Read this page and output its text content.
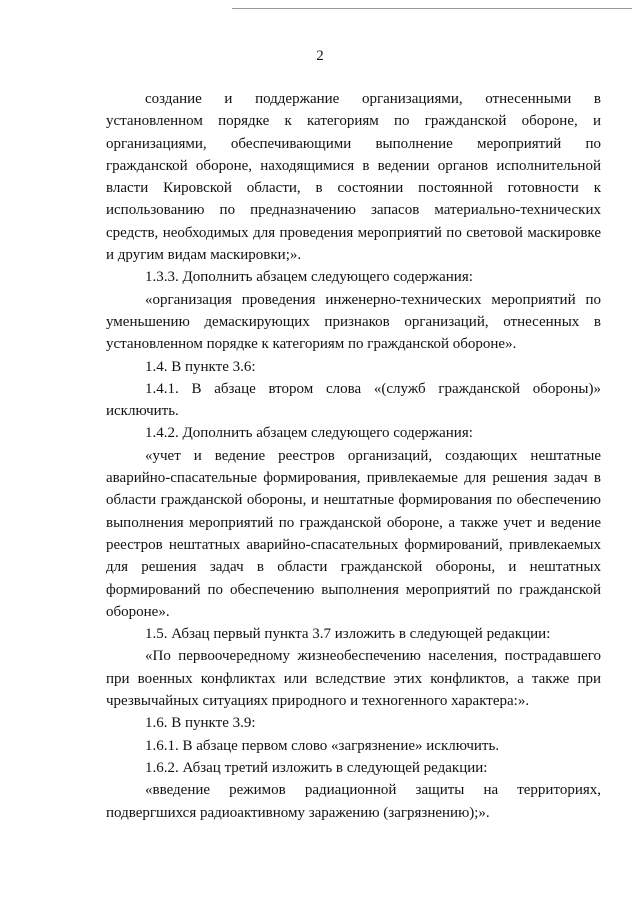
2

создание и поддержание организациями, отнесенными в установленном порядке к категориям по гражданской обороне, и организациями, обеспечивающими выполнение мероприятий по гражданской обороне, находящимися в ведении органов исполнительной власти Кировской области, в состоянии постоянной готовности к использованию по предназначению запасов материально-технических средств, необходимых для проведения мероприятий по световой маскировке и другим видам маскировки;».

1.3.3. Дополнить абзацем следующего содержания:

«организация проведения инженерно-технических мероприятий по уменьшению демаскирующих признаков организаций, отнесенных в установленном порядке к категориям по гражданской обороне».

1.4. В пункте 3.6:

1.4.1. В абзаце втором слова «(служб гражданской обороны)» исключить.

1.4.2. Дополнить абзацем следующего содержания:

«учет и ведение реестров организаций, создающих нештатные аварийно-спасательные формирования, привлекаемые для решения задач в области гражданской обороны, и нештатные формирования по обеспечению выполнения мероприятий по гражданской обороне, а также учет и ведение реестров нештатных аварийно-спасательных формирований, привлекаемых для решения задач в области гражданской обороны, и нештатных формирований по обеспечению выполнения мероприятий по гражданской обороне».

1.5. Абзац первый пункта 3.7 изложить в следующей редакции:

«По первоочередному жизнеобеспечению населения, пострадавшего при военных конфликтах или вследствие этих конфликтов, а также при чрезвычайных ситуациях природного и техногенного характера:».

1.6. В пункте 3.9:

1.6.1. В абзаце первом слово «загрязнение» исключить.

1.6.2. Абзац третий изложить в следующей редакции:

«введение режимов радиационной защиты на территориях, подвергшихся радиоактивному заражению (загрязнению);».
